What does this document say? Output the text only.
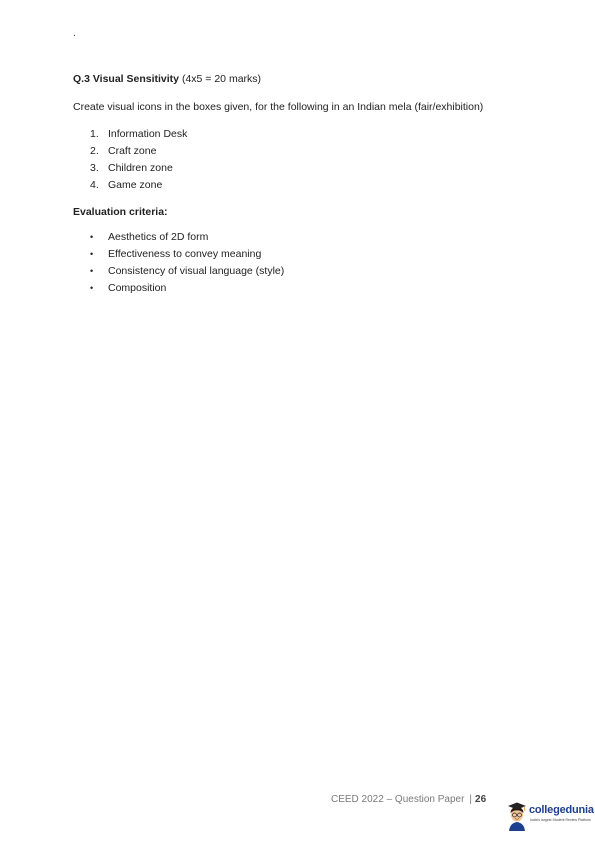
.
Q.3 Visual Sensitivity (4x5 = 20 marks)
Create visual icons in the boxes given, for the following in an Indian mela (fair/exhibition)
1. Information Desk
2. Craft zone
3. Children zone
4. Game zone
Evaluation criteria:
• Aesthetics of 2D form
• Effectiveness to convey meaning
• Consistency of visual language (style)
• Composition
CEED 2022 – Question Paper | 26
collegedunia
India's largest Student Review Platform
